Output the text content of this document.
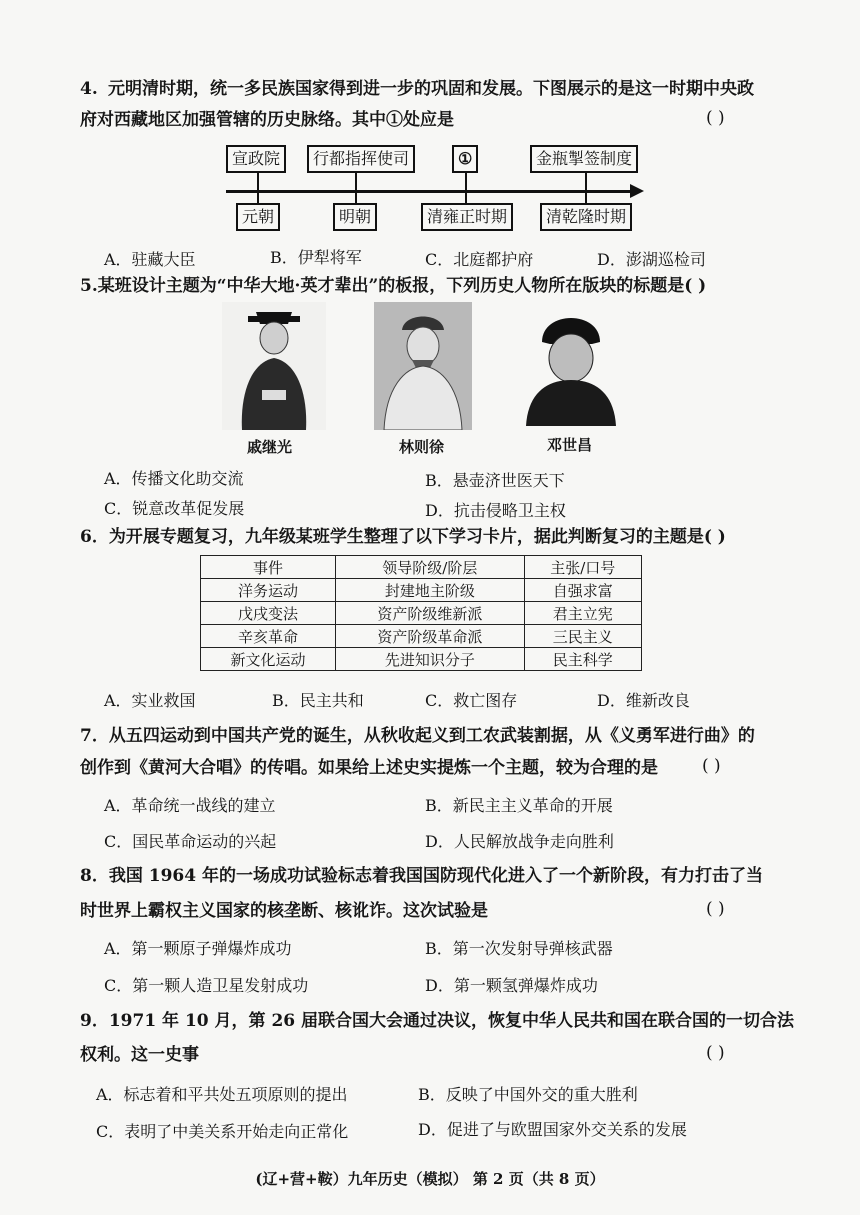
4. 元明清时期，统一多民族国家得到进一步的巩固和发展。下图展示的是这一时期中央政
府对西藏地区加强管辖的历史脉络。其中①处应是	( )
宣政院	行都指挥使司	①	金瓶掣签制度
元朝	明朝	清雍正时期	清乾隆时期
A．驻藏大臣	B．伊犁将军	C．北庭都护府	D．澎湖巡检司
5.某班设计主题为“中华大地·英才辈出”的板报，下列历史人物所在版块的标题是( )
戚继光	林则徐	邓世昌
A．传播文化助交流	B．悬壶济世医天下
C．锐意改革促发展	D．抗击侵略卫主权
6．为开展专题复习，九年级某班学生整理了以下学习卡片，据此判断复习的主题是( )
事件	领导阶级/阶层	主张/口号
洋务运动	封建地主阶级	自强求富
戊戌变法	资产阶级维新派	君主立宪
辛亥革命	资产阶级革命派	三民主义
新文化运动	先进知识分子	民主科学
A．实业救国	B．民主共和	C．救亡图存	D．维新改良
7．从五四运动到中国共产党的诞生，从秋收起义到工农武装割据，从《义勇军进行曲》的
创作到《黄河大合唱》的传唱。如果给上述史实提炼一个主题，较为合理的是	( )
A．革命统一战线的建立	B．新民主主义革命的开展
C．国民革命运动的兴起	D．人民解放战争走向胜利
8．我国 1964 年的一场成功试验标志着我国国防现代化进入了一个新阶段，有力打击了当
时世界上霸权主义国家的核垄断、核讹诈。这次试验是	( )
A．第一颗原子弹爆炸成功	B．第一次发射导弹核武器
C．第一颗人造卫星发射成功	D．第一颗氢弹爆炸成功
9．1971 年 10 月，第 26 届联合国大会通过决议，恢复中华人民共和国在联合国的一切合法
权利。这一史事	( )
A．标志着和平共处五项原则的提出	B．反映了中国外交的重大胜利
C．表明了中美关系开始走向正常化	D．促进了与欧盟国家外交关系的发展
(辽+营+鞍）九年历史（模拟） 第 2 页（共 8 页）
